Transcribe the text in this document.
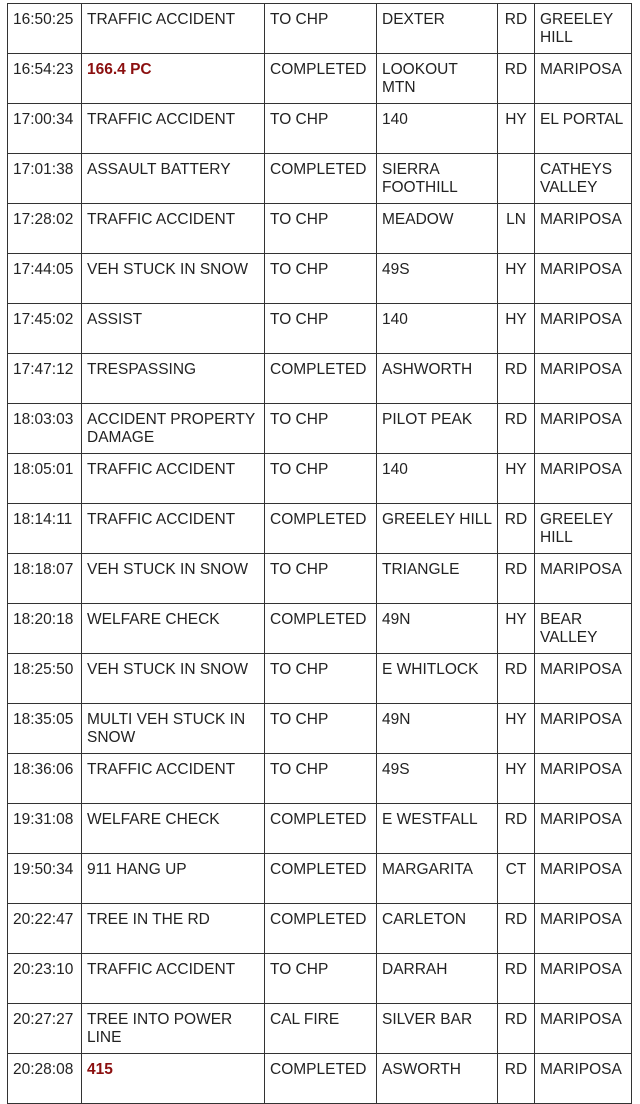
16:50:25	TRAFFIC ACCIDENT	TO CHP	DEXTER	RD	GREELEY HILL
16:54:23	166.4 PC	COMPLETED	LOOKOUT MTN	RD	MARIPOSA
17:00:34	TRAFFIC ACCIDENT	TO CHP	140	HY	EL PORTAL
17:01:38	ASSAULT BATTERY	COMPLETED	SIERRA FOOTHILL		CATHEYS VALLEY
17:28:02	TRAFFIC ACCIDENT	TO CHP	MEADOW	LN	MARIPOSA
17:44:05	VEH STUCK IN SNOW	TO CHP	49S	HY	MARIPOSA
17:45:02	ASSIST	TO CHP	140	HY	MARIPOSA
17:47:12	TRESPASSING	COMPLETED	ASHWORTH	RD	MARIPOSA
18:03:03	ACCIDENT PROPERTY DAMAGE	TO CHP	PILOT PEAK	RD	MARIPOSA
18:05:01	TRAFFIC ACCIDENT	TO CHP	140	HY	MARIPOSA
18:14:11	TRAFFIC ACCIDENT	COMPLETED	GREELEY HILL	RD	GREELEY HILL
18:18:07	VEH STUCK IN SNOW	TO CHP	TRIANGLE	RD	MARIPOSA
18:20:18	WELFARE CHECK	COMPLETED	49N	HY	BEAR VALLEY
18:25:50	VEH STUCK IN SNOW	TO CHP	E WHITLOCK	RD	MARIPOSA
18:35:05	MULTI VEH STUCK IN SNOW	TO CHP	49N	HY	MARIPOSA
18:36:06	TRAFFIC ACCIDENT	TO CHP	49S	HY	MARIPOSA
19:31:08	WELFARE CHECK	COMPLETED	E WESTFALL	RD	MARIPOSA
19:50:34	911 HANG UP	COMPLETED	MARGARITA	CT	MARIPOSA
20:22:47	TREE IN THE RD	COMPLETED	CARLETON	RD	MARIPOSA
20:23:10	TRAFFIC ACCIDENT	TO CHP	DARRAH	RD	MARIPOSA
20:27:27	TREE INTO POWER LINE	CAL FIRE	SILVER BAR	RD	MARIPOSA
20:28:08	415	COMPLETED	ASWORTH	RD	MARIPOSA
